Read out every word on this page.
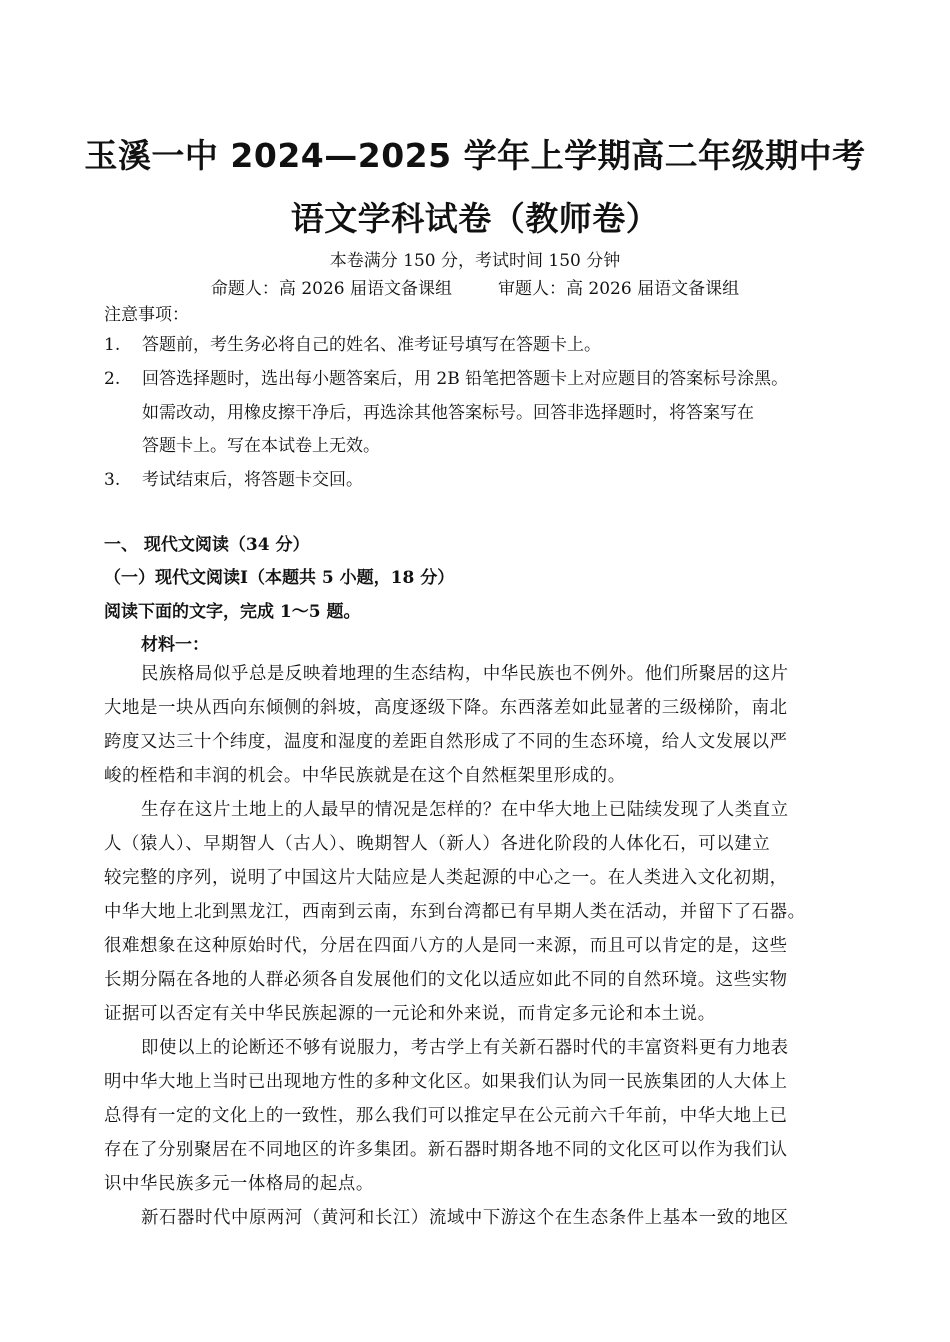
玉溪一中 2024—2025 学年上学期高二年级期中考
语文学科试卷（教师卷）
本卷满分 150 分，考试时间 150 分钟
命题人：高 2026 届语文备课组	审题人：高 2026 届语文备课组
注意事项：
1. 答题前，考生务必将自己的姓名、准考证号填写在答题卡上。
2. 回答选择题时，选出每小题答案后，用 2B 铅笔把答题卡上对应题目的答案标号涂黑。
如需改动，用橡皮擦干净后，再选涂其他答案标号。回答非选择题时，将答案写在
答题卡上。写在本试卷上无效。
3. 考试结束后，将答题卡交回。
一、 现代文阅读（34 分）
（一）现代文阅读Ⅰ（本题共 5 小题，18 分）
阅读下面的文字，完成 1～5 题。
材料一：
民族格局似乎总是反映着地理的生态结构，中华民族也不例外。他们所聚居的这片
大地是一块从西向东倾侧的斜坡，高度逐级下降。东西落差如此显著的三级梯阶，南北
跨度又达三十个纬度，温度和湿度的差距自然形成了不同的生态环境，给人文发展以严
峻的桎梏和丰润的机会。中华民族就是在这个自然框架里形成的。
生存在这片土地上的人最早的情况是怎样的？在中华大地上已陆续发现了人类直立
人（猿人）、早期智人（古人）、晚期智人（新人）各进化阶段的人体化石，可以建立
较完整的序列，说明了中国这片大陆应是人类起源的中心之一。在人类进入文化初期，
中华大地上北到黑龙江，西南到云南，东到台湾都已有早期人类在活动，并留下了石器。
很难想象在这种原始时代，分居在四面八方的人是同一来源，而且可以肯定的是，这些
长期分隔在各地的人群必须各自发展他们的文化以适应如此不同的自然环境。这些实物
证据可以否定有关中华民族起源的一元论和外来说，而肯定多元论和本土说。
即使以上的论断还不够有说服力，考古学上有关新石器时代的丰富资料更有力地表
明中华大地上当时已出现地方性的多种文化区。如果我们认为同一民族集团的人大体上
总得有一定的文化上的一致性，那么我们可以推定早在公元前六千年前，中华大地上已
存在了分别聚居在不同地区的许多集团。新石器时期各地不同的文化区可以作为我们认
识中华民族多元一体格局的起点。
新石器时代中原两河（黄河和长江）流域中下游这个在生态条件上基本一致的地区
